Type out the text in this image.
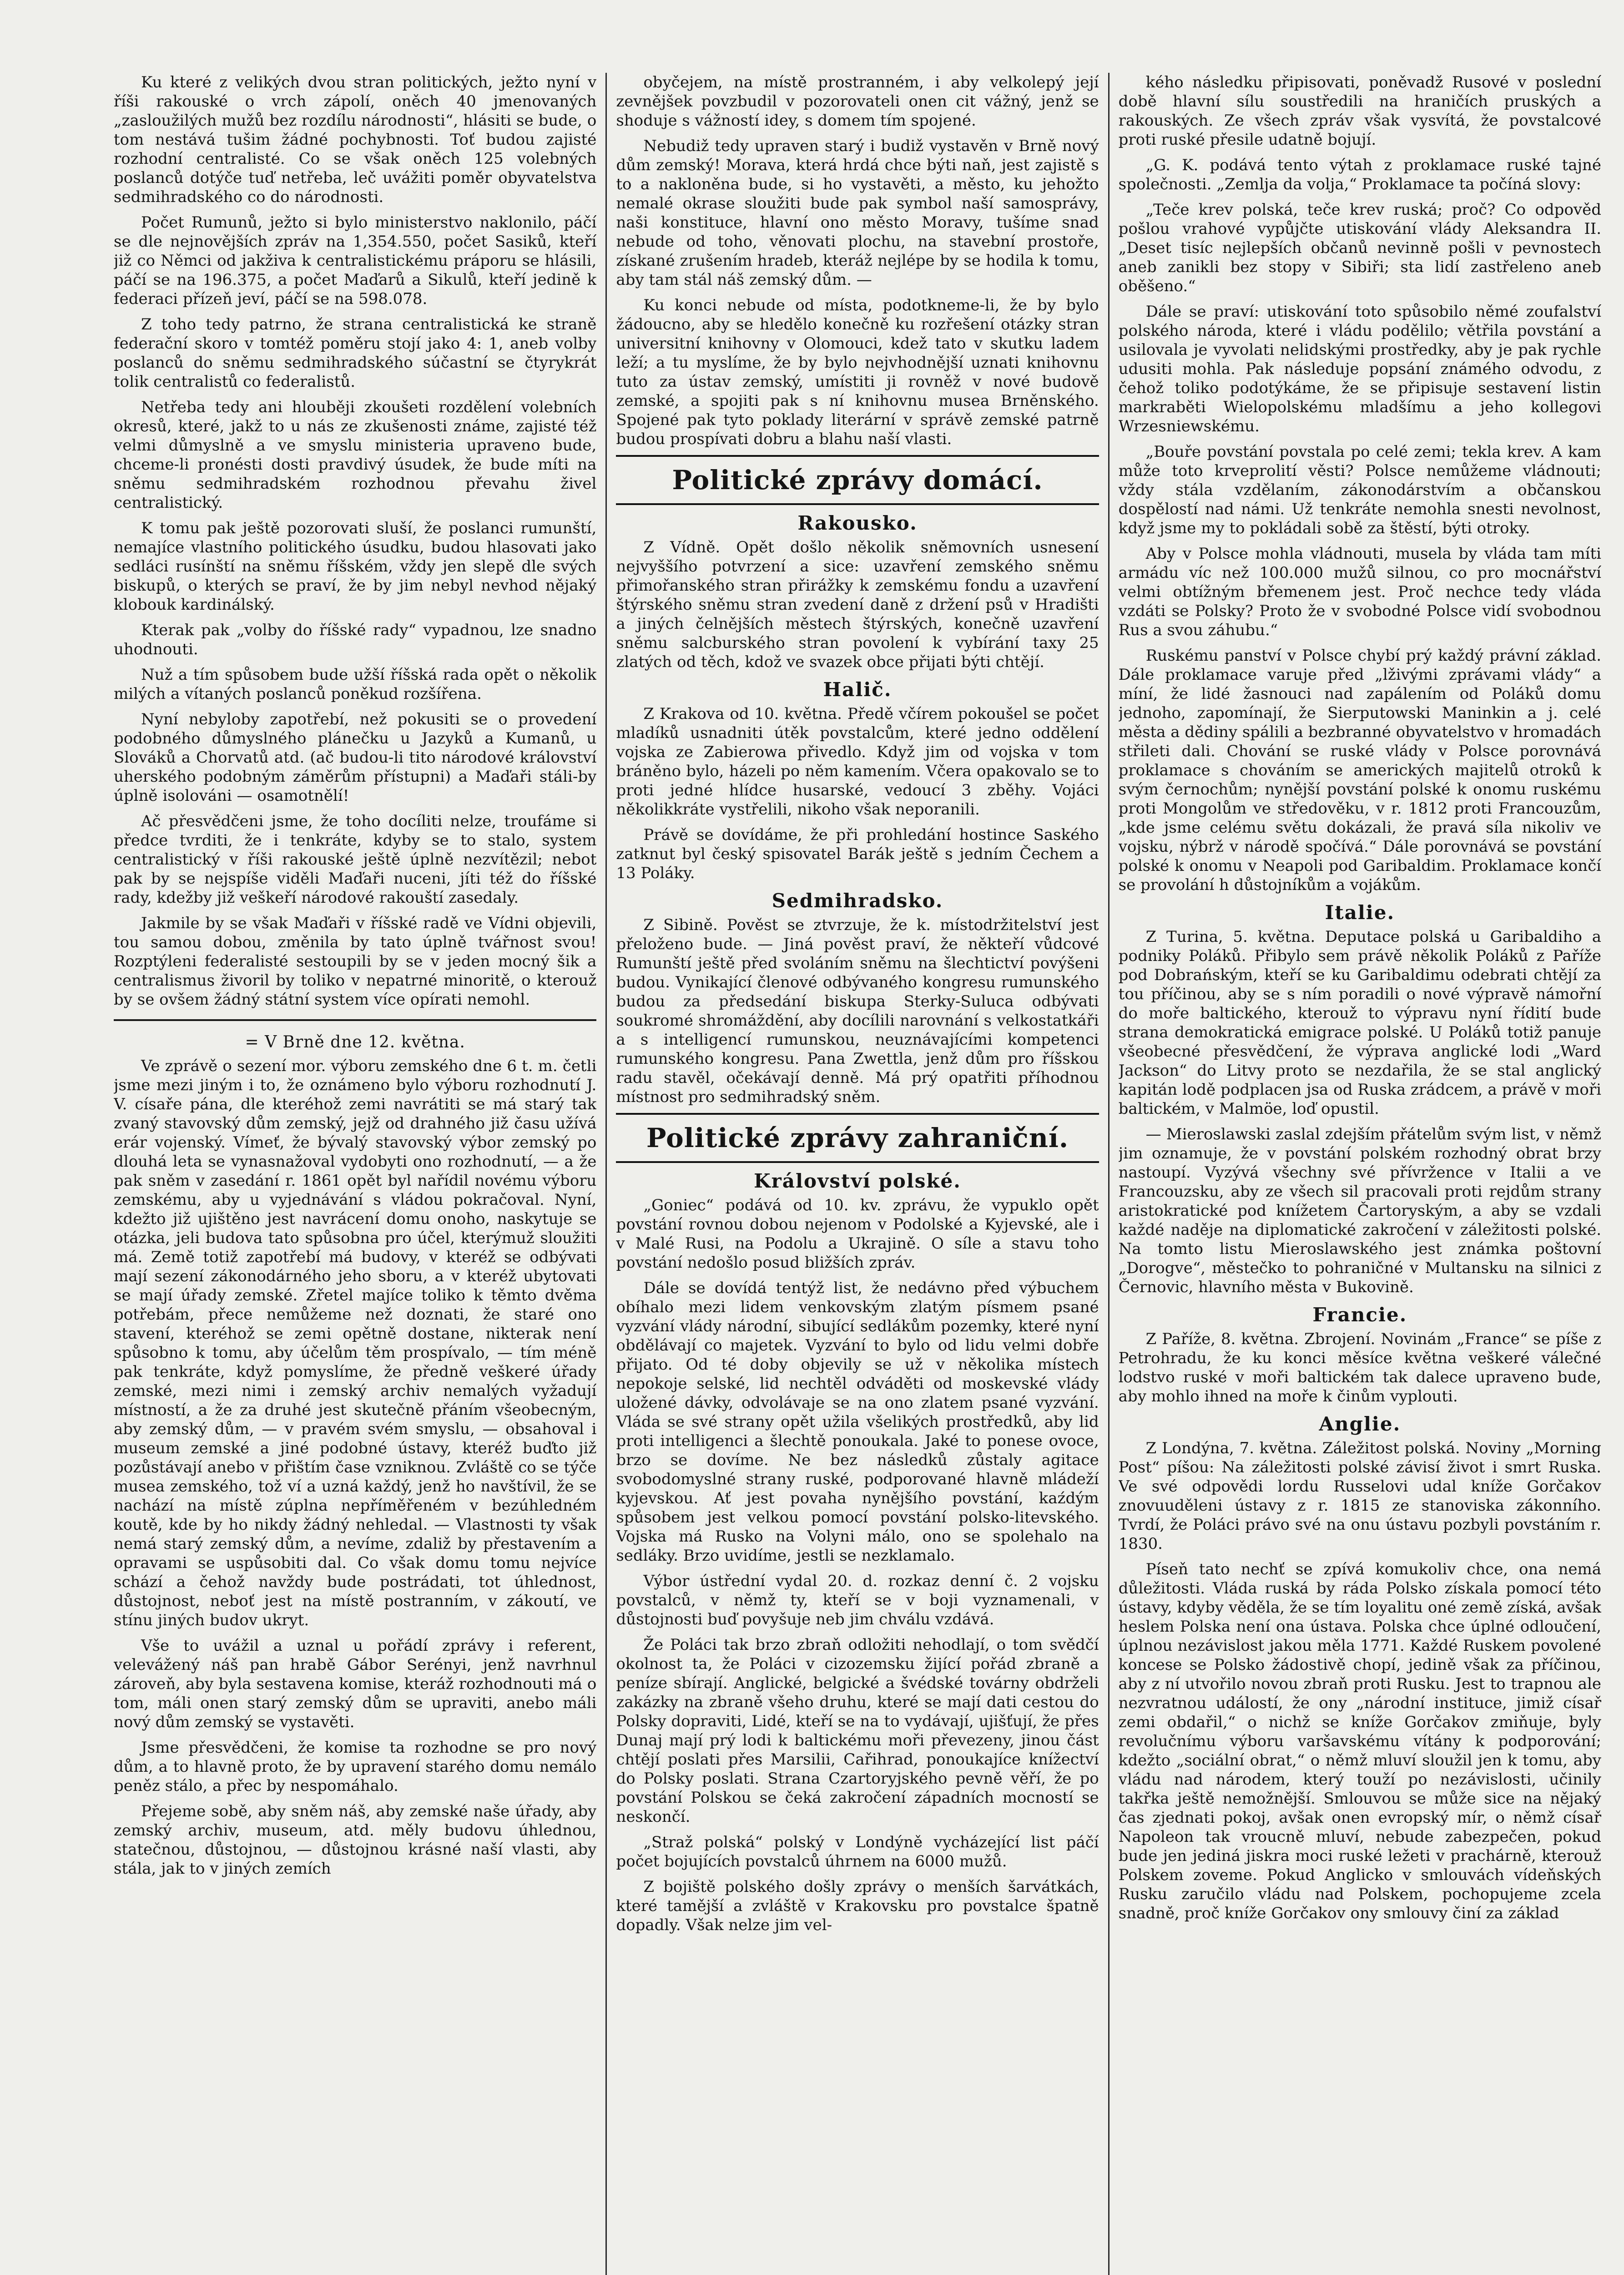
Ku které z velikých dvou stran politických, ježto nyní v říši rakouské o vrch zápolí, oněch 40 jmenovaných „zasloužilých mužů bez rozdílu národnosti“, hlásiti se bude, o tom nestává tušim žádné pochybnosti. Toť budou zajisté rozhodní centralisté. Co se však oněch 125 volebných poslanců dotýče tuď netřeba, leč uvážiti poměr obyvatelstva sedmihradského co do národnosti.

Počet Rumunů, ježto si bylo ministerstvo naklonilo, páčí se dle nejnovějších zpráv na 1,354.550, počet Sasiků, kteří již co Němci od jakživa k centralistickému práporu se hlásili, páčí se na 196.375, a počet Maďarů a Sikulů, kteří jedině k federaci přízeň jeví, páčí se na 598.078.

Z toho tedy patrno, že strana centralistická ke straně federační skoro v tomtéž poměru stojí jako 4: 1, aneb volby poslanců do sněmu sedmihradského súčastní se čtyrykrát tolik centralistů co federalistů.

Netřeba tedy ani hlouběji zkoušeti rozdělení volebních okresů, které, jakž to u nás ze zkušenosti známe, zajisté též velmi důmyslně a ve smyslu ministeria upraveno bude, chceme-li pronésti dosti pravdivý úsudek, že bude míti na sněmu sedmihradském rozhodnou převahu živel centralistický.

K tomu pak ještě pozorovati sluší, že poslanci rumunští, nemajíce vlastního politického úsudku, budou hlasovati jako sedláci rusínští na sněmu říšském, vždy jen slepě dle svých biskupů, o kterých se praví, že by jim nebyl nevhod nějaký klobouk kardinálský.

Kterak pak „volby do říšské rady“ vypadnou, lze snadno uhodnouti.

Nuž a tím spůsobem bude užší říšská rada opět o několik milých a vítaných poslanců poněkud rozšířena.

Nyní nebyloby zapotřebí, než pokusiti se o provedení podobného důmyslného plánečku u Jazyků a Kumanů, u Slováků a Chorvatů atd. (ač budou-li tito národové království uherského podobným záměrům přístupni) a Maďaři stáli-by úplně isolováni — osamotnělí!

Ač přesvědčeni jsme, že toho docíliti nelze, troufáme si předce tvrditi, že i tenkráte, kdyby se to stalo, system centralistický v říši rakouské ještě úplně nezvítězil; nebot pak by se nejspíše viděli Maďaři nuceni, jíti též do říšské rady, kdežby již veškeří národové rakouští zasedaly.

Jakmile by se však Maďaři v říšské radě ve Vídni objevili, tou samou dobou, změnila by tato úplně tvářnost svou! Rozptýleni federalisté sestoupili by se v jeden mocný šik a centralismus živoril by toliko v nepatrné minoritě, o kterouž by se ovšem žádný státní system více opírati nemohl.

= V Brně dne 12. května.

Ve zprávě o sezení mor. výboru zemského dne 6 t. m. četli jsme mezi jiným i to, že oznámeno bylo výboru rozhodnutí J. V. císaře pána, dle kteréhož zemi navrátiti se má starý tak zvaný stavovský dům zemský, jejž od drahného již času užívá erár vojenský. Vímeť, že bývalý stavovský výbor zemský po dlouhá leta se vynasnažoval vydobyti ono rozhodnutí, — a že pak sněm v zasedání r. 1861 opět byl nařídil novému výboru zemskému, aby u vyjednávání s vládou pokračoval. Nyní, kdežto již ujištěno jest navrácení domu onoho, naskytuje se otázka, jeli budova tato spůsobna pro účel, kterýmuž sloužiti má. Země totiž zapotřebí má budovy, v kteréž se odbývati mají sezení zákonodárného jeho sboru, a v kteréž ubytovati se mají úřady zemské. Zřetel majíce toliko k těmto dvěma potřebám, přece nemůžeme než doznati, že staré ono stavení, kteréhož se zemi opětně dostane, nikterak není spůsobno k tomu, aby účelům těm prospívalo, — tím méně pak tenkráte, když pomyslíme, že předně veškeré úřady zemské, mezi nimi i zemský archiv nemalých vyžadují místností, a že za druhé jest skutečně přáním všeobecným, aby zemský dům, — v pravém svém smyslu, — obsahoval i museum zemské a jiné podobné ústavy, kteréž buďto již pozůstávají anebo v přištím čase vzniknou. Zvláště co se týče musea zemského, tož ví a uzná každý, jenž ho navštívil, že se nachází na místě zúplna nepříměřeném v bezúhledném koutě, kde by ho nikdy žádný nehledal. — Vlastnosti ty však nemá starý zemský dům, a nevíme, zdaliž by přestavením a opravami se uspůsobiti dal. Co však domu tomu nejvíce schází a čehož navždy bude postrádati, tot úhlednost, důstojnost, neboť jest na místě postranním, v zákoutí, ve stínu jiných budov ukryt.

Vše to uvážil a uznal u pořádí zprávy i referent, velevážený náš pan hrabě Gábor Serényi, jenž navrhnul zároveň, aby byla sestavena komise, kteráž rozhodnouti má o tom, máli onen starý zemský dům se upraviti, anebo máli nový dům zemský se vystavěti.

Jsme přesvědčeni, že komise ta rozhodne se pro nový dům, a to hlavně proto, že by upravení starého domu nemálo peněz stálo, a přec by nespomáhalo.

Přejeme sobě, aby sněm náš, aby zemské naše úřady, aby zemský archiv, museum, atd. měly budovu úhlednou, statečnou, důstojnou, — důstojnou krásné naší vlasti, aby stála, jak to v jiných zemích

obyčejem, na místě prostranném, i aby velkolepý její zevnějšek povzbudil v pozorovateli onen cit vážný, jenž se shoduje s vážností idey, s domem tím spojené.

Nebudiž tedy upraven starý i budiž vystavěn v Brně nový dům zemský! Morava, která hrdá chce býti naň, jest zajistě s to a nakloněna bude, si ho vystavěti, a město, ku jehožto nemalé okrase sloužiti bude pak symbol naší samosprávy, naši konstituce, hlavní ono město Moravy, tušíme snad nebude od toho, věnovati plochu, na stavební prostoře, získané zrušením hradeb, kteráž nejlépe by se hodila k tomu, aby tam stál náš zemský dům. —

Ku konci nebude od místa, podotkneme-li, že by bylo žádoucno, aby se hledělo konečně ku rozřešení otázky stran universitní knihovny v Olomouci, kdež tato v skutku ladem leží; a tu myslíme, že by bylo nejvhodnější uznati knihovnu tuto za ústav zemský, umístiti ji rovněž v nové budově zemské, a spojiti pak s ní knihovnu musea Brněnského. Spojené pak tyto poklady literární v správě zemské patrně budou prospívati dobru a blahu naší vlasti.

Politické zprávy domácí.
Rakousko.

Z Vídně. Opět došlo několik sněmovních usnesení nejvyššího potvrzení a sice: uzavření zemského sněmu přimořanského stran přirážky k zemskému fondu a uzavření štýrského sněmu stran zvedení daně z držení psů v Hradišti a jiných čelnějších městech štýrských, konečně uzavření sněmu salcburského stran povolení k vybírání taxy 25 zlatých od těch, kdož ve svazek obce přijati býti chtějí.

Halič.

Z Krakova od 10. května. Předě včírem pokoušel se počet mladíků usnadniti útěk povstalcům, které jedno oddělení vojska ze Zabierowa přivedlo. Když jim od vojska v tom bráněno bylo, házeli po něm kamením. Včera opakovalo se to proti jedné hlídce husarské, vedoucí 3 zběhy. Vojáci několikkráte vystřelili, nikoho však neporanili.

Právě se dovídáme, že při prohledání hostince Saského zatknut byl český spisovatel Barák ještě s jedním Čechem a 13 Poláky.

Sedmihradsko.

Z Sibině. Pověst se ztvrzuje, že k. místodržitelství jest přeloženo bude. — Jiná pověst praví, že někteří vůdcové Rumunští ještě před svoláním sněmu na šlechtictví povýšeni budou. Vynikající členové odbývaného kongresu rumunského budou za předsedání biskupa Sterky-Suluca odbývati soukromé shromáždění, aby docílili narovnání s velkostatkáři a s intelligencí rumunskou, neuznávajícími kompetenci rumunského kongresu. Pana Zwettla, jenž dům pro říšskou radu stavěl, očekávají denně. Má prý opatřiti příhodnou místnost pro sedmihradský sněm.

Politické zprávy zahraniční.
Království polské.

„Goniec“ podává od 10. kv. zprávu, že vypuklo opět povstání rovnou dobou nejenom v Podolské a Kyjevské, ale i v Malé Rusi, na Podolu a Ukrajině. O síle a stavu toho povstání nedošlo posud bližších zpráv.

Dále se dovídá tentýž list, že nedávno před výbuchem obíhalo mezi lidem venkovským zlatým písmem psané vyzvání vlády národní, sibující sedlákům pozemky, které nyní obdělávají co majetek. Vyzvání to bylo od lidu velmi dobře přijato. Od té doby objevily se už v několika místech nepokoje selské, lid nechtěl odváděti od moskevské vlády uložené dávky, odvolávaje se na ono zlatem psané vyzvání. Vláda se své strany opět užila všelikých prostředků, aby lid proti intelligenci a šlechtě ponoukala. Jaké to ponese ovoce, brzo se dovíme. Ne bez následků zůstaly agitace svobodomyslné strany ruské, podporované hlavně mládeží kyjevskou. Ať jest povaha nynějšího povstání, kaźdým spůsobem jest velkou pomocí povstání polsko-litevského. Vojska má Rusko na Volyni málo, ono se spolehalo na sedláky. Brzo uvidíme, jestli se nezklamalo.

Výbor ústřední vydal 20. d. rozkaz denní č. 2 vojsku povstalců, v němž ty, kteří se v boji vyznamenali, v důstojnosti buď povyšuje neb jim chválu vzdává.

Že Poláci tak brzo zbraň odložiti nehodlají, o tom svědčí okolnost ta, že Poláci v cizozemsku žijící pořád zbraně a peníze sbírají. Anglické, belgické a švédské továrny obdrželi zakázky na zbraně všeho druhu, které se mají dati cestou do Polsky dopraviti, Lidé, kteří se na to vydávají, ujišťují, že přes Dunaj mají prý lodi k baltickému moři převezeny, jinou část chtějí poslati přes Marsilii, Cařihrad, ponoukajíce knížectví do Polsky poslati. Strana Czartoryjského pevně věří, že po povstání Polskou se čeká zakročení západních mocností se neskončí.

„Straž polská“ polský v Londýně vycházející list páčí počet bojujících povstalců úhrnem na 6000 mužů.

Z bojiště polského došly zprávy o menších šarvátkách, které tamější a zvláště v Krakovsku pro povstalce špatně dopadly. Však nelze jim vel-

kého následku připisovati, poněvadž Rusové v poslední době hlavní sílu soustředili na hraničích pruských a rakouských. Ze všech zpráv však vysvítá, že povstalcové proti ruské přesile udatně bojují.

„G. K. podává tento výtah z proklamace ruské tajné společnosti. „Zemlja da volja,“ Proklamace ta počíná slovy:

„Teče krev polská, teče krev ruská; proč? Co odpověd pošlou vrahové vypůjčte utiskování vlády Aleksandra II. „Deset tisíc nejlepších občanů nevinně pošli v pevnostech aneb zanikli bez stopy v Sibiři; sta lidí zastřeleno aneb oběšeno.“

Dále se praví: utiskování toto spůsobilo němé zoufalství polského národa, které i vládu podělilo; větřila povstání a usilovala je vyvolati nelidskými prostředky, aby je pak rychle udusiti mohla. Pak následuje popsání známého odvodu, z čehož toliko podotýkáme, že se připisuje sestavení listin markraběti Wielopolskému mladšímu a jeho kollegovi Wrzesniewskému.

„Bouře povstání povstala po celé zemi; tekla krev. A kam může toto krveprolití věsti? Polsce nemůžeme vládnouti; vždy stála vzdělaním, zákonodárstvím a občanskou dospělostí nad námi. Už tenkráte nemohla snesti nevolnost, když jsme my to pokládali sobě za štěstí, býti otroky.

Aby v Polsce mohla vládnouti, musela by vláda tam míti armádu víc než 100.000 mužů silnou, co pro mocnářství velmi obtížným břemenem jest. Proč nechce tedy vláda vzdáti se Polsky? Proto že v svobodné Polsce vidí svobodnou Rus a svou záhubu.“

Ruskému panství v Polsce chybí prý každý právní základ. Dále proklamace varuje před „lživými zprávami vlády“ a míní, že lidé žasnouci nad zapálením od Poláků domu jednoho, zapomínají, že Sierputowski Maninkin a j. celé města a dědiny spálili a bezbranné obyvatelstvo v hromadách střileti dali. Chování se ruské vlády v Polsce porovnává proklamace s chováním se amerických majitelů otroků k svým černochům; nynější povstání polské k onomu ruskému proti Mongolům ve středověku, v r. 1812 proti Francouzům, „kde jsme celému světu dokázali, že pravá síla nikoliv ve vojsku, nýbrž v národě spočívá.“ Dále porovnává se povstání polské k onomu v Neapoli pod Garibaldim. Proklamace končí se provolání h důstojníkům a vojákům.

Italie.

Z Turina, 5. května. Deputace polská u Garibaldiho a podniky Poláků. Přibylo sem právě několik Poláků z Paříže pod Dobrańským, kteří se ku Garibaldimu odebrati chtějí za tou příčinou, aby se s ním poradili o nové výpravě námořní do moře baltického, kterouž to výpravu nyní řídití bude strana demokratická emigrace polské. U Poláků totiž panuje všeobecné přesvědčení, že výprava anglické lodi „Ward Jackson“ do Litvy proto se nezdařila, že se stal anglický kapitán lodě podplacen jsa od Ruska zrádcem, a právě v moři baltickém, v Malmöe, loď opustil.

— Mieroslawski zaslal zdejším přátelům svým list, v němž jim oznamuje, že v povstání polském rozhodný obrat brzy nastoupí. Vyzývá všechny své přívržence v Italii a ve Francouzsku, aby ze všech sil pracovali proti rejdům strany aristokratické pod knížetem Čartoryským, a aby se vzdali každé naděje na diplomatické zakročení v záležitosti polské. Na tomto listu Mieroslawského jest známka poštovní „Dorogve“, městečko to pohraničné v Multansku na silnici z Černovic, hlavního města v Bukovině.

Francie.

Z Paříže, 8. května. Zbrojení. Novinám „France“ se píše z Petrohradu, že ku konci měsíce května veškeré válečné lodstvo ruské v moři baltickém tak dalece upraveno bude, aby mohlo ihned na moře k činům vyplouti.

Anglie.

Z Londýna, 7. května. Záležitost polská. Noviny „Morning Post“ píšou: Na záležitosti polské závisí život i smrt Ruska. Ve své odpovědi lordu Russelovi udal kníže Gorčakov znovuuděleni ústavy z r. 1815 ze stanoviska zákonního. Tvrdí, že Poláci právo své na onu ústavu pozbyli povstáním r. 1830.

Píseň tato nechť se zpívá komukoliv chce, ona nemá důležitosti. Vláda ruská by ráda Polsko získala pomocí této ústavy, kdyby věděla, že se tím loyalitu oné země získá, avšak heslem Polska není ona ústava. Polska chce úplné odloučení, úplnou nezávislost jakou měla 1771. Každé Ruskem povolené koncese se Polsko žádostivě chopí, jedině však za příčinou, aby z ní utvořilo novou zbraň proti Rusku. Jest to trapnou ale nezvratnou událostí, že ony „národní instituce, jimiž císař zemi obdařil,“ o nichž se kníže Gorčakov zmiňuje, byly revolučnímu výboru varšavskému vítány k podporování; kdežto „sociální obrat,“ o němž mluví sloužil jen k tomu, aby vládu nad národem, který touží po nezávislosti, učinily takřka ještě nemožnější. Smlouvou se může sice na nějaký čas zjednati pokoj, avšak onen evropský mír, o němž císař Napoleon tak vroucně mluví, nebude zabezpečen, pokud bude jen jediná jiskra moci ruské ležeti v prachárně, kterouž Polskem zoveme. Pokud Anglicko v smlouvách vídeňských Rusku zaručilo vládu nad Polskem, pochopujeme zcela snadně, proč kníže Gorčakov ony smlouvy činí za základ
